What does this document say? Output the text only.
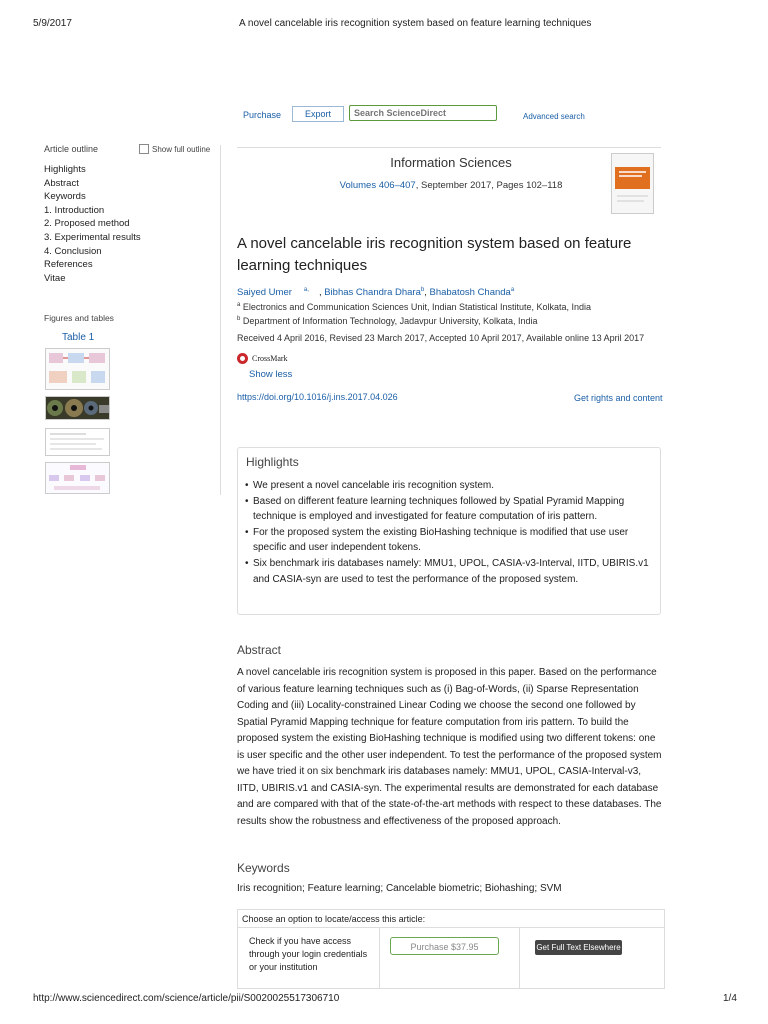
5/9/2017	A novel cancelable iris recognition system based on feature learning techniques
http://www.sciencedirect.com/science/article/pii/S0020025517306710	1/4
Purchase	Export
Search ScienceDirect	Advanced search
Article outline	Show full outline
Highlights
Abstract
Keywords
1. Introduction
2. Proposed method
3. Experimental results
4. Conclusion
References
Vitae
Figures and tables
Table 1
Information Sciences
Volumes 406–407, September 2017, Pages 102–118
A novel cancelable iris recognition system based on feature learning techniques
Saiyed Umer $^{a,}$ , Bibhas Chandra Dhara$^b$, Bhabatosh Chanda$^a$
$^a$ Electronics and Communication Sciences Unit, Indian Statistical Institute, Kolkata, India
$^b$ Department of Information Technology, Jadavpur University, Kolkata, India
Received 4 April 2016, Revised 23 March 2017, Accepted 10 April 2017, Available online 13 April 2017
CrossMark
Show less
https://doi.org/10.1016/j.ins.2017.04.026	Get rights and content
Highlights
• We present a novel cancelable iris recognition system.
• Based on different feature learning techniques followed by Spatial Pyramid Mapping technique is employed and investigated for feature computation of iris pattern.
• For the proposed system the existing BioHashing technique is modified that use user specific and user independent tokens.
• Six benchmark iris databases namely: MMU1, UPOL, CASIA-v3-Interval, IITD, UBIRIS.v1 and CASIA-syn are used to test the performance of the proposed system.
Abstract
A novel cancelable iris recognition system is proposed in this paper. Based on the performance of various feature learning techniques such as (i) Bag-of-Words, (ii) Sparse Representation Coding and (iii) Locality-constrained Linear Coding we choose the second one followed by Spatial Pyramid Mapping technique for feature computation from iris pattern. To build the proposed system the existing BioHashing technique is modified using two different tokens: one is user specific and the other user independent. To test the performance of the proposed system we have tried it on six benchmark iris databases namely: MMU1, UPOL, CASIA-Interval-v3, IITD, UBIRIS.v1 and CASIA-syn. The experimental results are demonstrated for each database and are compared with that of the state-of-the-art methods with respect to these databases. The results show the robustness and effectiveness of the proposed approach.
Keywords
Iris recognition; Feature learning; Cancelable biometric; Biohashing; SVM
Choose an option to locate/access this article:
Check if you have access through your login credentials or your institution
Purchase $37.95	Get Full Text Elsewhere
